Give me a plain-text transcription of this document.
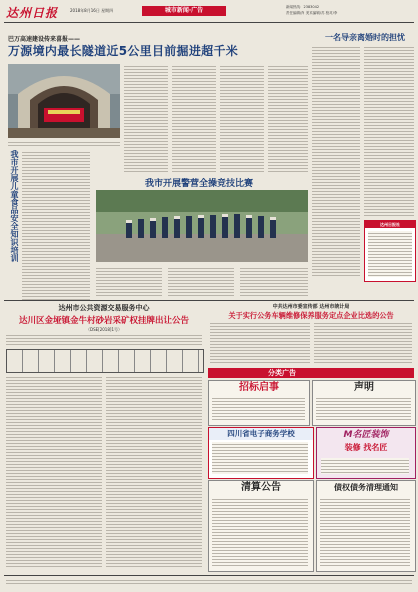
达州日报	2018年8月16日 星期四	城市新闻·广告	新闻热线：2383042
责任编辑/肖 美术编辑/苏 校对/李
巴万高速建设传来喜报——
万源境内最长隧道近5公里目前掘进超千米
一名导亲离婚时的担忧
达州日报社
我市开展儿童食品安全知识培训	我市开展警营全操竞技比赛
达州市公共资源交易服务中心
达川区金垭镇金牛村砂岩采矿权挂牌出让公告
（DSE[2018]1号）
中共达州市委宣传部 达州市统计局
关于实行公务车辆维修保养服务定点企业比选的公告
分类广告
招标启事	声明
四川省电子商务学校	M名匠装饰
装修 找名匠
清算公告	债权债务清理通知
